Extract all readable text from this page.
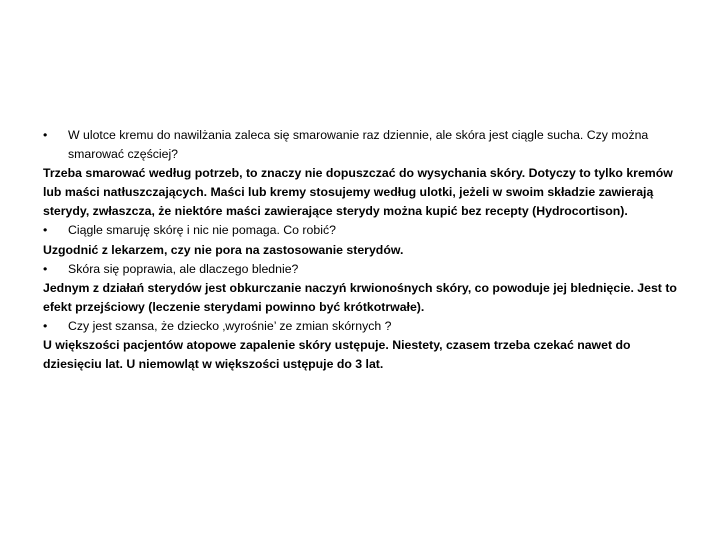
• W ulotce kremu do nawilżania zaleca się smarowanie raz dziennie, ale skóra jest ciągle sucha. Czy można smarować częściej?
Trzeba smarować według potrzeb, to znaczy nie dopuszczać do wysychania skóry. Dotyczy to tylko kremów lub maści natłuszczających. Maści lub kremy stosujemy według ulotki, jeżeli w swoim składzie zawierają sterydy, zwłaszcza, że niektóre maści zawierające sterydy można kupić bez recepty (Hydrocortison).
• Ciągle smaruję skórę i nic nie pomaga. Co robić?
Uzgodnić z lekarzem, czy nie pora na zastosowanie sterydów.
• Skóra się poprawia, ale dlaczego blednie?
Jednym z działań sterydów jest obkurczanie naczyń krwionośnych skóry, co powoduje jej blednięcie. Jest to efekt przejściowy (leczenie sterydami powinno być krótkotrwałe).
• Czy jest szansa, że dziecko ‚wyrośnie’ ze zmian skórnych ?
U większości pacjentów atopowe zapalenie skóry ustępuje. Niestety, czasem trzeba czekać nawet do dziesięciu lat. U niemowląt w większości ustępuje do 3 lat.
